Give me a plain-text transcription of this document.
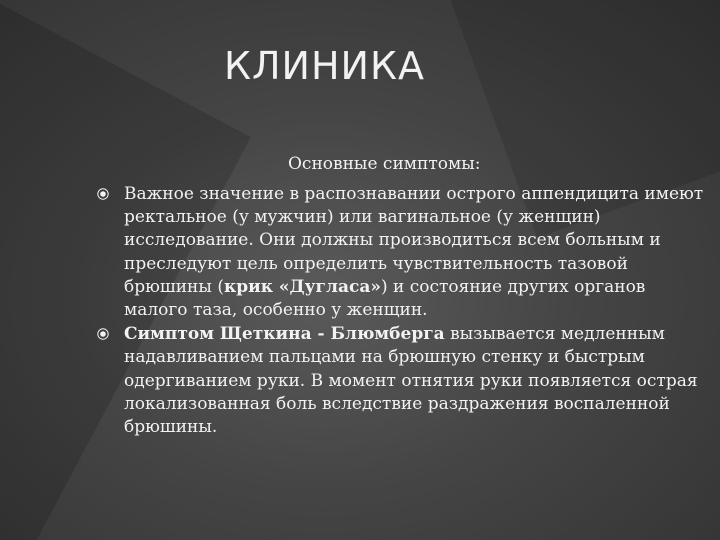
КЛИНИКА
Основные симптомы:
Важное значение в распознавании острого аппендицита имеют ректальное (у мужчин) или вагинальное (у женщин) исследование. Они должны производиться всем больным и преследуют цель определить чувствительность тазовой брюшины (крик «Дугласа») и состояние других органов малого таза, особенно у женщин.
Симптом Щеткина - Блюмберга вызывается медленным надавливанием пальцами на брюшную стенку и быстрым одергиванием руки. В момент отнятия руки появляется острая локализованная боль вследствие раздражения воспаленной брюшины.
